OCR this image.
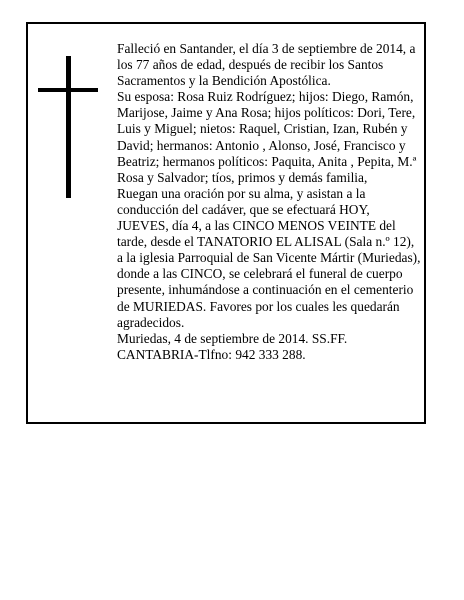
Falleció en Santander, el día 3 de septiembre de 2014, a los 77 años de edad, después de recibir los Santos Sacramentos y la Bendición Apostólica.

Su esposa: Rosa Ruiz Rodríguez; hijos: Diego, Ramón, Marijose, Jaime y Ana Rosa; hijos políticos: Dori, Tere, Luis y Miguel; nietos: Raquel, Cristian, Izan, Rubén y David; hermanos: Antonio , Alonso, José, Francisco y Beatriz; hermanos políticos: Paquita, Anita , Pepita, M.ª Rosa y Salvador; tíos, primos y demás familia,

Ruegan una oración por su alma, y asistan a la conducción del cadáver, que se efectuará HOY, JUEVES, día 4, a las CINCO MENOS VEINTE del tarde, desde el TANATORIO EL ALISAL (Sala n.º 12), a la iglesia Parroquial de San Vicente Mártir (Muriedas), donde a las CINCO, se celebrará el funeral de cuerpo presente, inhumándose a continuación en el cementerio de MURIEDAS. Favores por los cuales les quedarán agradecidos.

Muriedas, 4 de septiembre de 2014. SS.FF.

CANTABRIA-Tlfno: 942 333 288.
